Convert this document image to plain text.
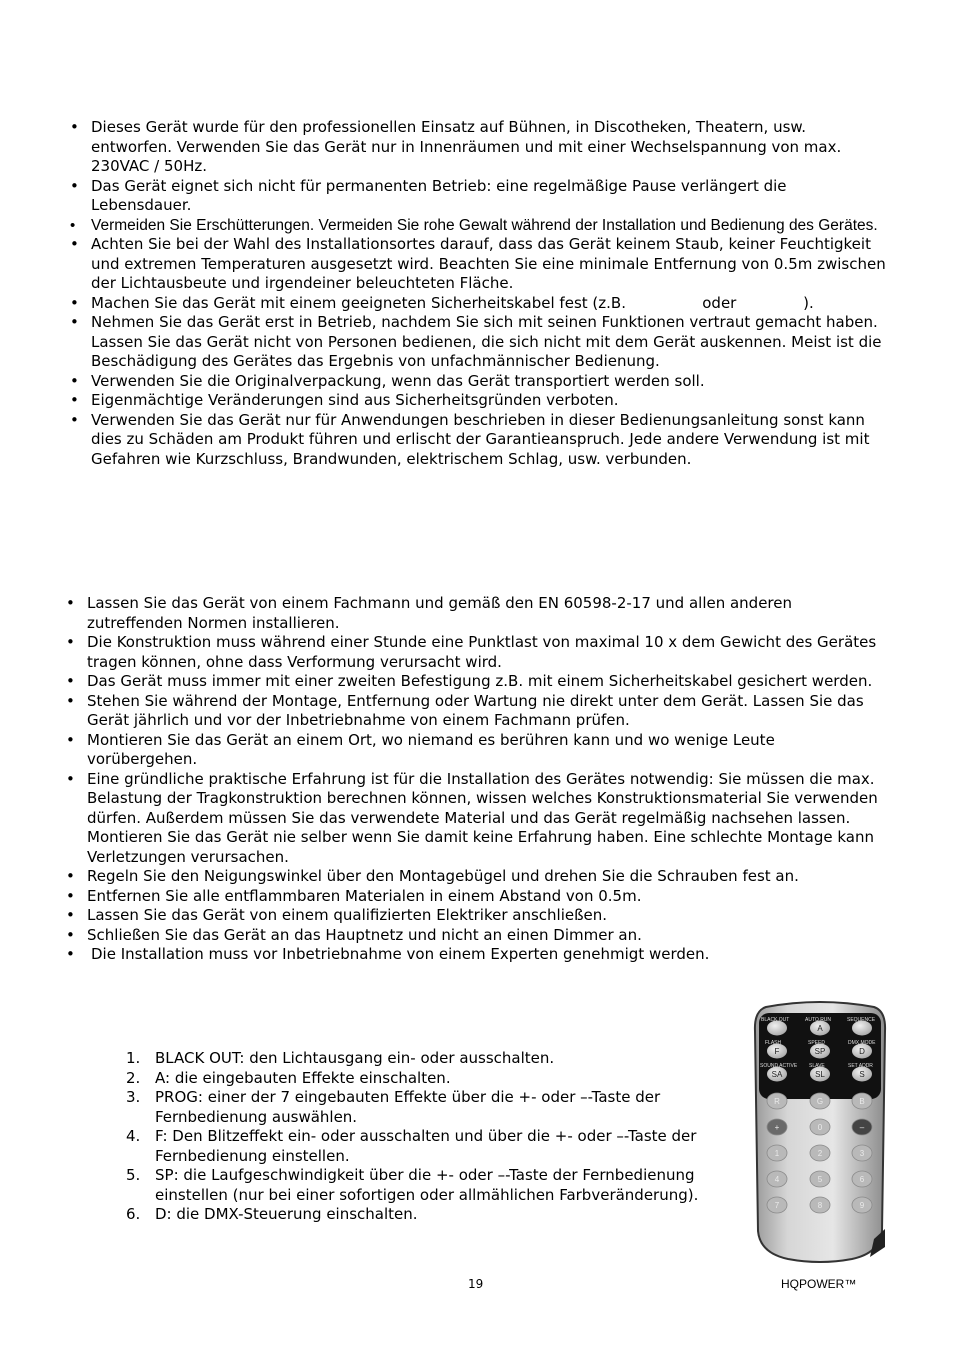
• Dieses Gerät wurde für den professionellen Einsatz auf Bühnen, in Discotheken, Theatern, usw. entworfen. Verwenden Sie das Gerät nur in Innenräumen und mit einer Wechselspannung von max. 230VAC / 50Hz.
• Das Gerät eignet sich nicht für permanenten Betrieb: eine regelmäßige Pause verlängert die Lebensdauer.
• Vermeiden Sie Erschütterungen. Vermeiden Sie rohe Gewalt während der Installation und Bedienung des Gerätes.
• Achten Sie bei der Wahl des Installationsortes darauf, dass das Gerät keinem Staub, keiner Feuchtigkeit und extremen Temperaturen ausgesetzt wird. Beachten Sie eine minimale Entfernung von 0.5m zwischen der Lichtausbeute und irgendeiner beleuchteten Fläche.
• Machen Sie das Gerät mit einem geeigneten Sicherheitskabel fest (z.B.                oder              ).
• Nehmen Sie das Gerät erst in Betrieb, nachdem Sie sich mit seinen Funktionen vertraut gemacht haben. Lassen Sie das Gerät nicht von Personen bedienen, die sich nicht mit dem Gerät auskennen. Meist ist die Beschädigung des Gerätes das Ergebnis von unfachmännischer Bedienung.
• Verwenden Sie die Originalverpackung, wenn das Gerät transportiert werden soll.
• Eigenmächtige Veränderungen sind aus Sicherheitsgründen verboten.
• Verwenden Sie das Gerät nur für Anwendungen beschrieben in dieser Bedienungsanleitung sonst kann dies zu Schäden am Produkt führen und erlischt der Garantieanspruch. Jede andere Verwendung ist mit Gefahren wie Kurzschluss, Brandwunden, elektrischem Schlag, usw. verbunden.
• Lassen Sie das Gerät von einem Fachmann und gemäß den EN 60598-2-17 und allen anderen zutreffenden Normen installieren.
• Die Konstruktion muss während einer Stunde eine Punktlast von maximal 10 x dem Gewicht des Gerätes tragen können, ohne dass Verformung verursacht wird.
• Das Gerät muss immer mit einer zweiten Befestigung z.B. mit einem Sicherheitskabel gesichert werden.
• Stehen Sie während der Montage, Entfernung oder Wartung nie direkt unter dem Gerät. Lassen Sie das Gerät jährlich und vor der Inbetriebnahme von einem Fachmann prüfen.
• Montieren Sie das Gerät an einem Ort, wo niemand es berühren kann und wo wenige Leute vorübergehen.
• Eine gründliche praktische Erfahrung ist für die Installation des Gerätes notwendig: Sie müssen die max. Belastung der Tragkonstruktion berechnen können, wissen welches Konstruktionsmaterial Sie verwenden dürfen. Außerdem müssen Sie das verwendete Material und das Gerät regelmäßig nachsehen lassen. Montieren Sie das Gerät nie selber wenn Sie damit keine Erfahrung haben. Eine schlechte Montage kann Verletzungen verursachen.
• Regeln Sie den Neigungswinkel über den Montagebügel und drehen Sie die Schrauben fest an.
• Entfernen Sie alle entflammbaren Materialen in einem Abstand von 0.5m.
• Lassen Sie das Gerät von einem qualifizierten Elektriker anschließen.
• Schließen Sie das Gerät an das Hauptnetz und nicht an einen Dimmer an.
• Die Installation muss vor Inbetriebnahme von einem Experten genehmigt werden.
1. BLACK OUT: den Lichtausgang ein- oder ausschalten.
2. A: die eingebauten Effekte einschalten.
3. PROG: einer der 7 eingebauten Effekte über die +- oder –-Taste der Fernbedienung auswählen.
4. F: Den Blitzeffekt ein- oder ausschalten und über die +- oder –-Taste der Fernbedienung einstellen.
5. SP: die Laufgeschwindigkeit über die +- oder –-Taste der Fernbedienung einstellen (nur bei einer sofortigen oder allmählichen Farbveränderung).
6. D: die DMX-Steuerung einschalten.
A
F	SP	D
SA	SL	S
R	G	B
+	0	–
1	2	3
4	5	6
7	8	9
BLACK OUT	AUTO RUN	SEQUENCE
FLASH	SPEED	DMX MODE
SOUND ACTIVE SLAVE	SET ADDR
19	HQPOWER™
